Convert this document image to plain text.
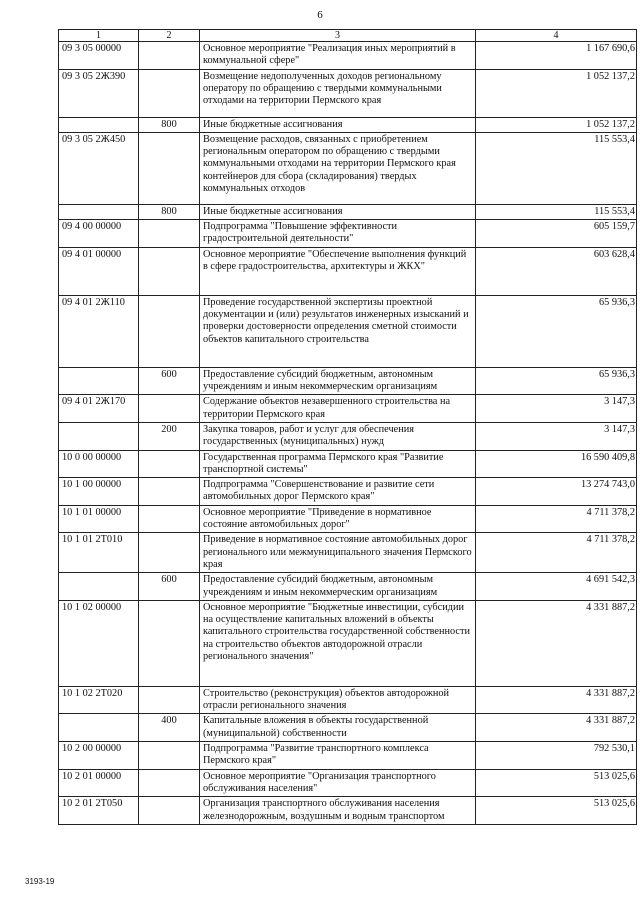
6
1	2	3	4
09 3 05 00000		Основное мероприятие "Реализация иных мероприятий в коммунальной сфере"	1 167 690,6
09 3 05 2Ж390		Возмещение недополученных доходов региональному оператору по обращению с твердыми коммунальными отходами на территории Пермского края	1 052 137,2
	800	Иные бюджетные ассигнования	1 052 137,2
09 3 05 2Ж450		Возмещение расходов, связанных с приобретением региональным оператором по обращению с твердыми коммунальными отходами на территории Пермского края контейнеров для сбора (складирования) твердых коммунальных отходов	115 553,4
	800	Иные бюджетные ассигнования	115 553,4
09 4 00 00000		Подпрограмма "Повышение эффективности градостроительной деятельности"	605 159,7
09 4 01 00000		Основное мероприятие "Обеспечение выполнения функций в сфере градостроительства, архитектуры и ЖКХ"	603 628,4
09 4 01 2Ж110		Проведение государственной экспертизы проектной документации и (или) результатов инженерных изысканий и проверки достоверности определения сметной стоимости объектов капитального строительства	65 936,3
	600	Предоставление субсидий бюджетным, автономным учреждениям и иным некоммерческим организациям	65 936,3
09 4 01 2Ж170		Содержание объектов незавершенного строительства на территории Пермского края	3 147,3
	200	Закупка товаров, работ и услуг для обеспечения государственных (муниципальных) нужд	3 147,3
10 0 00 00000		Государственная программа Пермского края "Развитие транспортной системы"	16 590 409,8
10 1 00 00000		Подпрограмма "Совершенствование и развитие сети автомобильных дорог Пермского края"	13 274 743,0
10 1 01 00000		Основное мероприятие "Приведение в нормативное состояние автомобильных дорог"	4 711 378,2
10 1 01 2Т010		Приведение в нормативное состояние автомобильных дорог регионального или межмуниципального значения Пермского края	4 711 378,2
	600	Предоставление субсидий бюджетным, автономным учреждениям и иным некоммерческим организациям	4 691 542,3
10 1 02 00000		Основное мероприятие "Бюджетные инвестиции, субсидии на осуществление капитальных вложений в объекты капитального строительства государственной собственности на строительство объектов автодорожной отрасли регионального значения"	4 331 887,2
10 1 02 2Т020		Строительство (реконструкция) объектов автодорожной отрасли регионального значения	4 331 887,2
	400	Капитальные вложения в объекты государственной (муниципальной) собственности	4 331 887,2
10 2 00 00000		Подпрограмма "Развитие транспортного комплекса Пермского края"	792 530,1
10 2 01 00000		Основное мероприятие "Организация транспортного обслуживания населения"	513 025,6
10 2 01 2Т050		Организация транспортного обслуживания населения железнодорожным, воздушным и водным транспортом	513 025,6
3193-19
